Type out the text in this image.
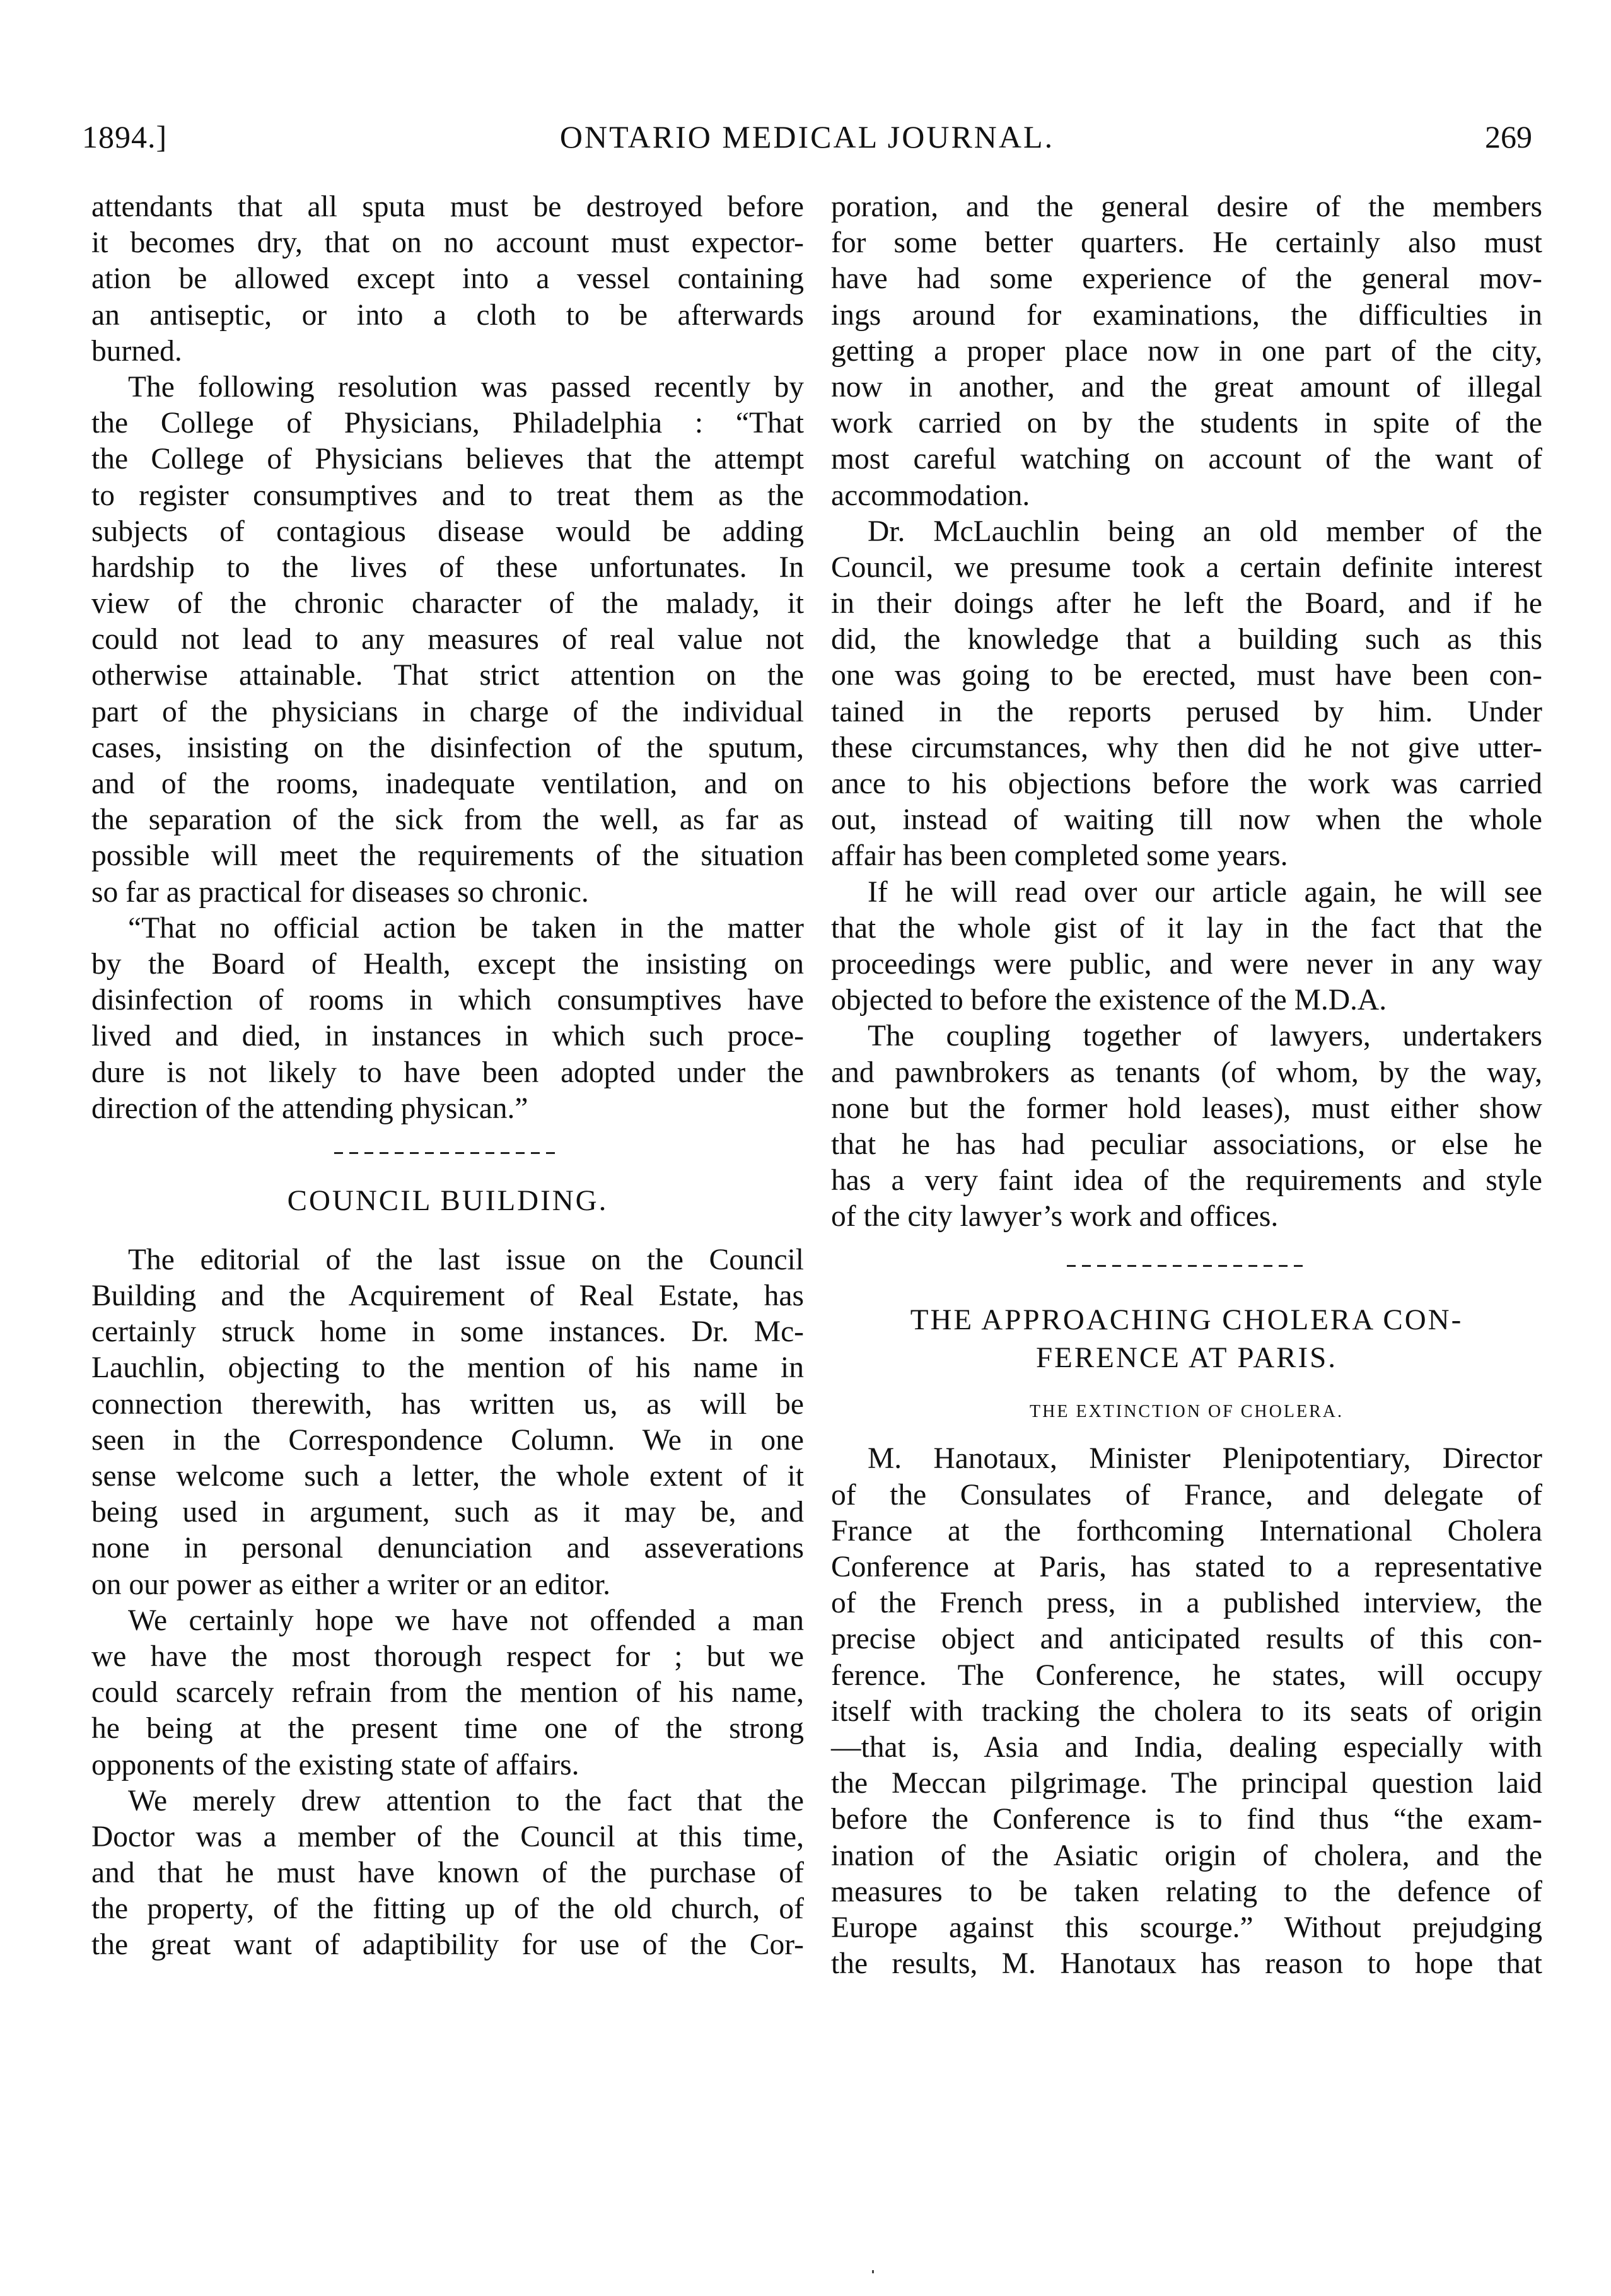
1894.]	ONTARIO MEDICAL JOURNAL.	269

attendants that all sputa must be destroyed before
it becomes dry, that on no account must expector-
ation be allowed except into a vessel containing
an antiseptic, or into a cloth to be afterwards
burned.

The following resolution was passed recently by
the College of Physicians, Philadelphia : “That
the College of Physicians believes that the attempt
to register consumptives and to treat them as the
subjects of contagious disease would be adding
hardship to the lives of these unfortunates. In
view of the chronic character of the malady, it
could not lead to any measures of real value not
otherwise attainable. That strict attention on the
part of the physicians in charge of the individual
cases, insisting on the disinfection of the sputum,
and of the rooms, inadequate ventilation, and on
the separation of the sick from the well, as far as
possible will meet the requirements of the situation
so far as practical for diseases so chronic.

“That no official action be taken in the matter
by the Board of Health, except the insisting on
disinfection of rooms in which consumptives have
lived and died, in instances in which such proce-
dure is not likely to have been adopted under the
direction of the attending physican.”

COUNCIL BUILDING.

The editorial of the last issue on the Council
Building and the Acquirement of Real Estate, has
certainly struck home in some instances. Dr. Mc-
Lauchlin, objecting to the mention of his name in
connection therewith, has written us, as will be
seen in the Correspondence Column. We in one
sense welcome such a letter, the whole extent of it
being used in argument, such as it may be, and
none in personal denunciation and asseverations
on our power as either a writer or an editor.

We certainly hope we have not offended a man
we have the most thorough respect for ; but we
could scarcely refrain from the mention of his name,
he being at the present time one of the strong
opponents of the existing state of affairs.

We merely drew attention to the fact that the
Doctor was a member of the Council at this time,
and that he must have known of the purchase of
the property, of the fitting up of the old church, of
the great want of adaptibility for use of the Cor-

poration, and the general desire of the members
for some better quarters. He certainly also must
have had some experience of the general mov-
ings around for examinations, the difficulties in
getting a proper place now in one part of the city,
now in another, and the great amount of illegal
work carried on by the students in spite of the
most careful watching on account of the want of
accommodation.

Dr. McLauchlin being an old member of the
Council, we presume took a certain definite interest
in their doings after he left the Board, and if he
did, the knowledge that a building such as this
one was going to be erected, must have been con-
tained in the reports perused by him. Under
these circumstances, why then did he not give utter-
ance to his objections before the work was carried
out, instead of waiting till now when the whole
affair has been completed some years.

If he will read over our article again, he will see
that the whole gist of it lay in the fact that the
proceedings were public, and were never in any way
objected to before the existence of the M.D.A.

The coupling together of lawyers, undertakers
and pawnbrokers as tenants (of whom, by the way,
none but the former hold leases), must either show
that he has had peculiar associations, or else he
has a very faint idea of the requirements and style
of the city lawyer’s work and offices.

THE APPROACHING CHOLERA CON-
FERENCE AT PARIS.
THE EXTINCTION OF CHOLERA.

M. Hanotaux, Minister Plenipotentiary, Director
of the Consulates of France, and delegate of
France at the forthcoming International Cholera
Conference at Paris, has stated to a representative
of the French press, in a published interview, the
precise object and anticipated results of this con-
ference. The Conference, he states, will occupy
itself with tracking the cholera to its seats of origin
—that is, Asia and India, dealing especially with
the Meccan pilgrimage. The principal question laid
before the Conference is to find thus “the exam-
ination of the Asiatic origin of cholera, and the
measures to be taken relating to the defence of
Europe against this scourge.” Without prejudging
the results, M. Hanotaux has reason to hope that
